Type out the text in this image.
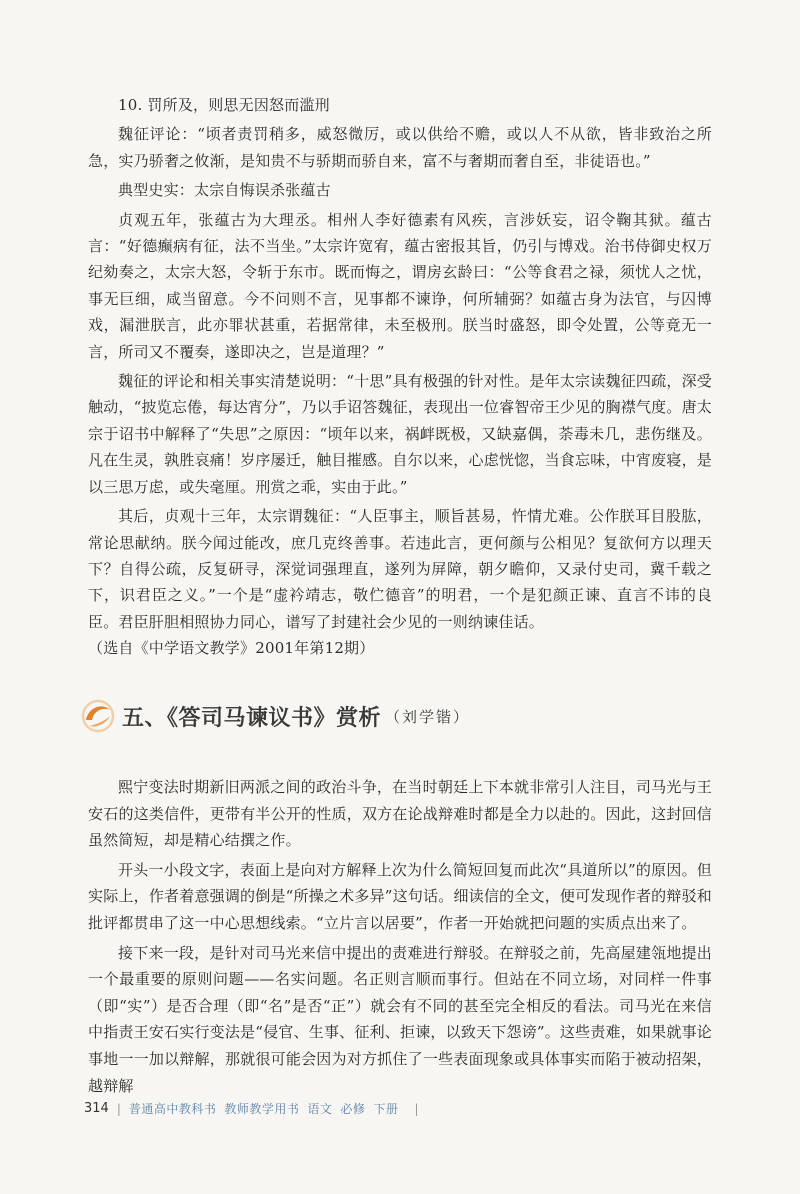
10. 罚所及，则思无因怒而滥刑

魏征评论：“顷者责罚稍多，威怒微厉，或以供给不赡，或以人不从欲，皆非致治之所急，实乃骄奢之攸渐，是知贵不与骄期而骄自来，富不与奢期而奢自至，非徒语也。”

典型史实：太宗自悔误杀张蕴古

贞观五年，张蕴古为大理丞。相州人李好德素有风疾，言涉妖妄，诏令鞠其狱。蕴古言：“好德癫病有征，法不当坐。”太宗许宽宥，蕴古密报其旨，仍引与博戏。治书侍御史权万纪劾奏之，太宗大怒，令斩于东市。既而悔之，谓房玄龄曰：“公等食君之禄，须忧人之忧，事无巨细，咸当留意。今不问则不言，见事都不谏诤，何所辅弼？如蕴古身为法官，与囚博戏，漏泄朕言，此亦罪状甚重，若据常律，未至极刑。朕当时盛怒，即令处置，公等竟无一言，所司又不覆奏，遂即决之，岂是道理？”

魏征的评论和相关事实清楚说明：“十思”具有极强的针对性。是年太宗读魏征四疏，深受触动，“披览忘倦，每达宵分”，乃以手诏答魏征，表现出一位睿智帝王少见的胸襟气度。唐太宗于诏书中解释了“失思”之原因：“顷年以来，祸衅既极，又缺嘉偶，荼毒未几，悲伤继及。凡在生灵，孰胜哀痛！岁序屡迁，触目摧感。自尔以来，心虑恍惚，当食忘味，中宵废寝，是以三思万虑，或失毫厘。刑赏之乖，实由于此。”

其后，贞观十三年，太宗谓魏征：“人臣事主，顺旨甚易，忤情尤难。公作朕耳目股肱，常论思献纳。朕今闻过能改，庶几克终善事。若违此言，更何颜与公相见？复欲何方以理天下？自得公疏，反复研寻，深觉词强理直，遂列为屏障，朝夕瞻仰，又录付史司，冀千载之下，识君臣之义。”一个是“虚衿靖志，敬伫德音”的明君，一个是犯颜正谏、直言不讳的良臣。君臣肝胆相照协力同心，谱写了封建社会少见的一则纳谏佳话。

（选自《中学语文教学》2001年第12期）

五、《答司马谏议书》赏析 （刘学锴）

熙宁变法时期新旧两派之间的政治斗争，在当时朝廷上下本就非常引人注目，司马光与王安石的这类信件，更带有半公开的性质，双方在论战辩难时都是全力以赴的。因此，这封回信虽然简短，却是精心结撰之作。

开头一小段文字，表面上是向对方解释上次为什么简短回复而此次“具道所以”的原因。但实际上，作者着意强调的倒是“所操之术多异”这句话。细读信的全文，便可发现作者的辩驳和批评都贯串了这一中心思想线索。“立片言以居要”，作者一开始就把问题的实质点出来了。

接下来一段，是针对司马光来信中提出的责难进行辩驳。在辩驳之前，先高屋建瓴地提出一个最重要的原则问题——名实问题。名正则言顺而事行。但站在不同立场，对同样一件事（即“实”）是否合理（即“名”是否“正”）就会有不同的甚至完全相反的看法。司马光在来信中指责王安石实行变法是“侵官、生事、征利、拒谏，以致天下怨谤”。这些责难，如果就事论事地一一加以辩解，那就很可能会因为对方抓住了一些表面现象或具体事实而陷于被动招架，越辩解

314 | 普通高中教科书 教师教学用书 语文 必修 下册	|
